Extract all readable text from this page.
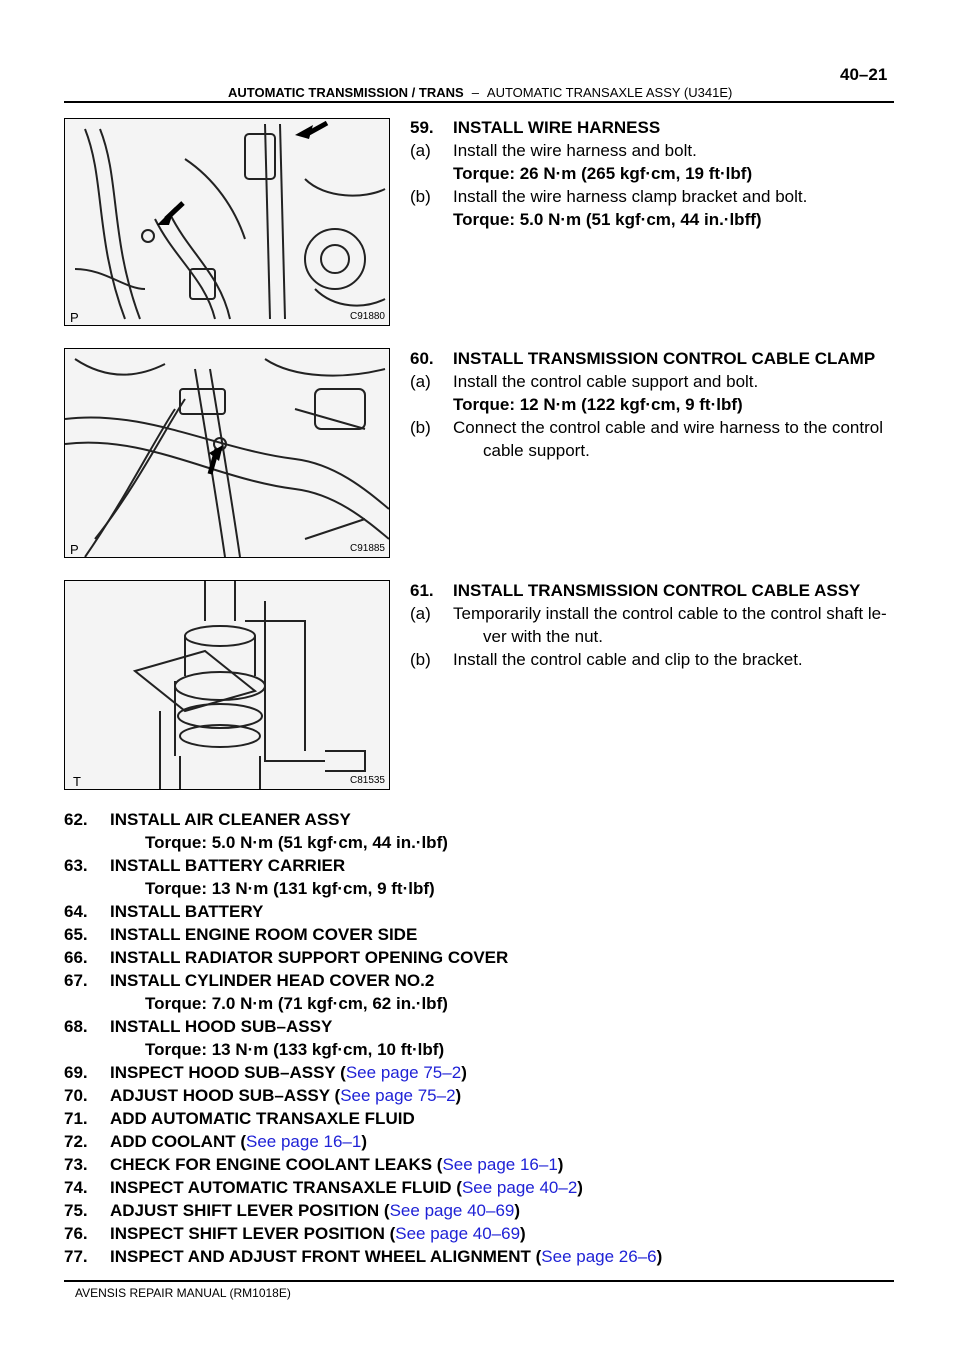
AUTOMATIC TRANSMISSION / TRANS – AUTOMATIC TRANSAXLE ASSY (U341E)
40–21
C91880
P
59. INSTALL WIRE HARNESS
(a) Install the wire harness and bolt.
Torque: 26 N·m (265 kgf·cm, 19 ft·lbf)
(b) Install the wire harness clamp bracket and bolt.
Torque: 5.0 N·m (51 kgf·cm, 44 in.·lbff)
C91885
P
60. INSTALL TRANSMISSION CONTROL CABLE CLAMP
(a) Install the control cable support and bolt.
Torque: 12 N·m (122 kgf·cm, 9 ft·lbf)
(b) Connect the control cable and wire harness to the control
cable support.
C81535
T
61. INSTALL TRANSMISSION CONTROL CABLE ASSY
(a) Temporarily install the control cable to the control shaft le-
ver with the nut.
(b) Install the control cable and clip to the bracket.
62. INSTALL AIR CLEANER ASSY
Torque: 5.0 N·m (51 kgf·cm, 44 in.·lbf)
63. INSTALL BATTERY CARRIER
Torque: 13 N·m (131 kgf·cm, 9 ft·lbf)
64. INSTALL BATTERY
65. INSTALL ENGINE ROOM COVER SIDE
66. INSTALL RADIATOR SUPPORT OPENING COVER
67. INSTALL CYLINDER HEAD COVER NO.2
Torque: 7.0 N·m (71 kgf·cm, 62 in.·lbf)
68. INSTALL HOOD SUB–ASSY
Torque: 13 N·m (133 kgf·cm, 10 ft·lbf)
69. INSPECT HOOD SUB–ASSY (See page 75–2)
70. ADJUST HOOD SUB–ASSY (See page 75–2)
71. ADD AUTOMATIC TRANSAXLE FLUID
72. ADD COOLANT (See page 16–1)
73. CHECK FOR ENGINE COOLANT LEAKS (See page 16–1)
74. INSPECT AUTOMATIC TRANSAXLE FLUID (See page 40–2)
75. ADJUST SHIFT LEVER POSITION (See page 40–69)
76. INSPECT SHIFT LEVER POSITION (See page 40–69)
77. INSPECT AND ADJUST FRONT WHEEL ALIGNMENT (See page 26–6)
AVENSIS REPAIR MANUAL (RM1018E)
